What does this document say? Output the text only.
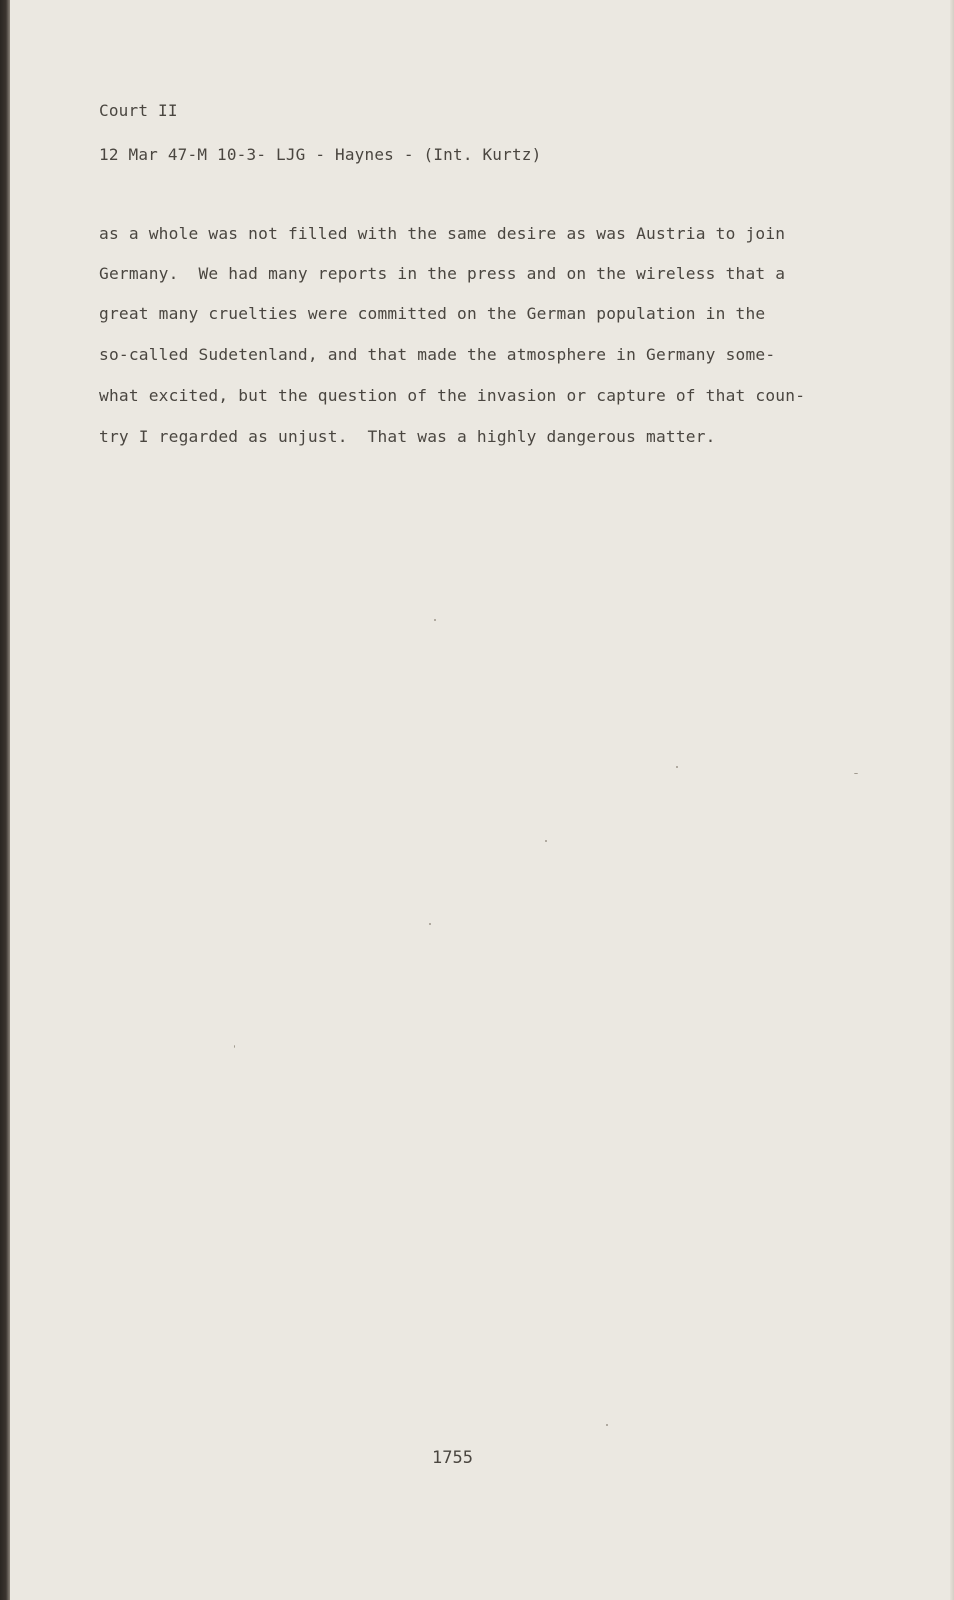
Court II
12 Mar 47-M 10-3- LJG - Haynes - (Int. Kurtz)
as a whole was not filled with the same desire as was Austria to join
Germany.  We had many reports in the press and on the wireless that a
great many cruelties were committed on the German population in the
so-called Sudetenland, and that made the atmosphere in Germany some-
what excited, but the question of the invasion or capture of that coun-
try I regarded as unjust.  That was a highly dangerous matter.
1755
